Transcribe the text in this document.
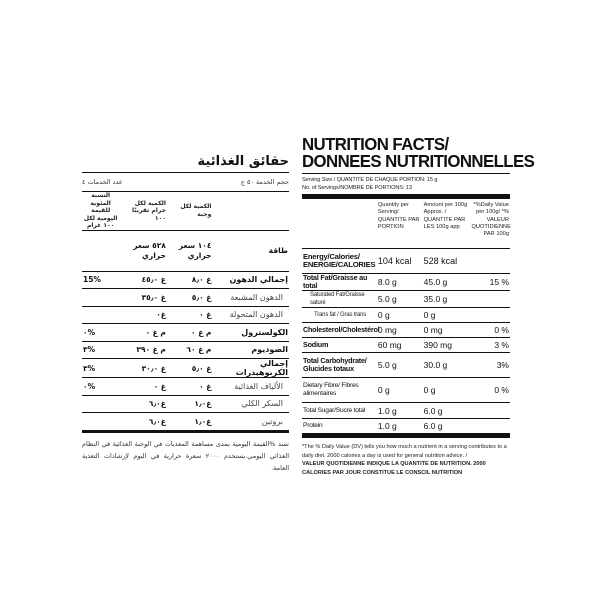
حقائق الغذائية
حجم الخدمة ٥٠ ج
عدد الخدمات ٤
	الكمية لكل وجبة	الكمية لكل جرام تقريبًا ١٠٠	النسبة المئوية للقيمة اليومية لكل ١٠٠ غرام
طاقة	١٠٤ سعر حراري	٥٢٨ سعر حراري	
إجمالي الدهون	غ ٨٫٠	غ ٤٥٫٠	15%
الدهون المشبعة	غ ٥٫٠	غ ٣٥٫٠	
الدهون المتحولة	غ ٠	غ٠	
الكولسترول	م غ ٠	م غ ٠	٠%
الصوديوم	م غ ٦٠	م غ ٣٩٠	٣%
إجمالي الكربوهيدرات	غ ٥٫٠	غ ٣٠٫٠	٣%
الألياف الغذائية	غ ٠	غ ٠	٠%
السكر الكلي	غ١٫٠	غ٦٫٠	
بروتين	غ١٫٠	غ٦٫٠	
تسد %القيمة اليومية بمدى مساهمة المغذيات في الوجبة الغذائية في النظام الغذائي اليومي.يستخدم ٢٠٠٠ سعرة حرارية في اليوم لإرشادات التغذية العامة.
NUTRITION FACTS/
DONNEES NUTRITIONNELLES
Serving Size / QUANTITE DE CHAQUE PORTION: 15 g
No. of Servings/NOMBRE DE PORTIONS: 13
	Quantity per Serving/ QUANTITE PAR PORTION	Amount per 100g Approx. / QUANTITE PAR LES 100g app	*%Daily Value per 100g/ *% VALEUR QUOTIDIENNE PAR 100g
Energy/Calories/ ENERGIE/CALORIES	104 kcal	528 kcal	
Total Fat/Graisse au total	8.0 g	45.0 g	15 %
Saturated Fat/Graisse saturé	5.0 g	35.0 g	
Trans fat / Gras trans	0 g	0 g	
Cholesterol/Cholestérol	0 mg	0 mg	0 %
Sodium	60 mg	390 mg	3 %
Total Carbohydrate/ Glucides totaux	5.0 g	30.0 g	3%
Dietary Fibre/ Fibres alimentaires	0 g	0 g	0 %
Total Sugar/Sucre total	1.0 g	6.0 g	
Protein	1.0 g	6.0 g	
*The % Daily Value (DV) tells you how much a nutrient in a serving contributes to a daily diet. 2000 calories a day is used for general nutrition advice. /
VALEUR QUOTIDIENNE INDIQUE LA QUANTITE DE NUTRITION. 2000 CALORIES PAR JOUR CONSTITUE LE CONSCIL NUTRITION
